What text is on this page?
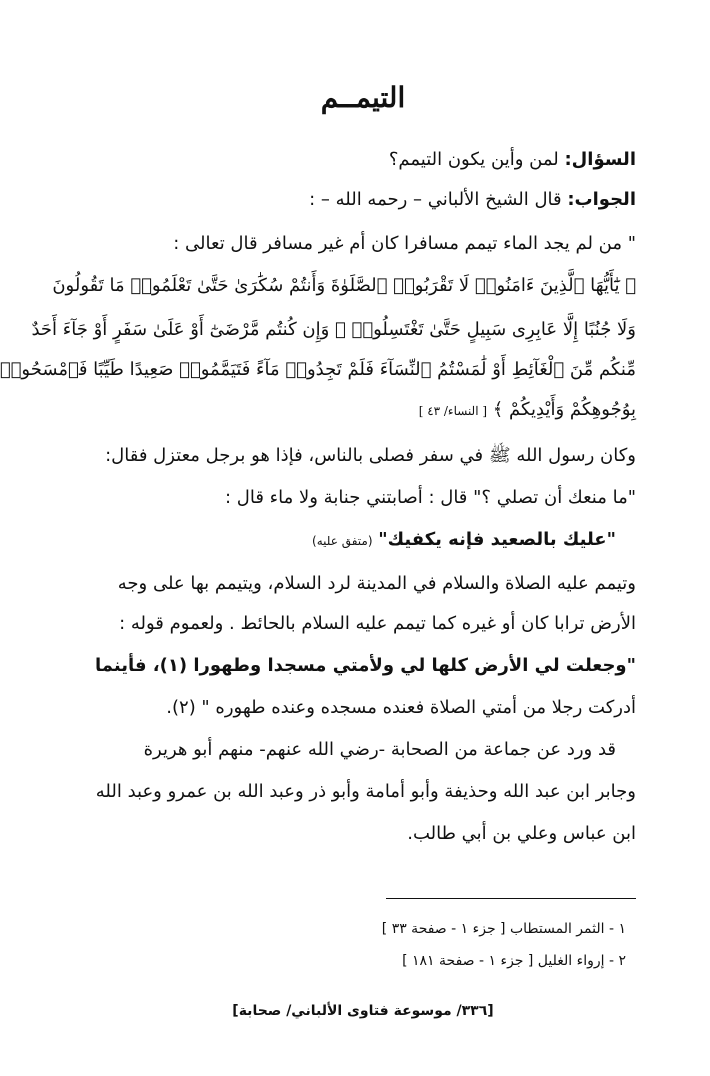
التيمــم
السؤال: لمن وأين يكون التيمم؟
الجواب: قال الشيخ الألباني – رحمه الله – :
" من لم يجد الماء تيمم مسافرا كان أم غير مسافر قال تعالى :
﴿ يَٰٓأَيُّهَا ٱلَّذِينَ ءَامَنُوا۟ لَا تَقْرَبُوا۟ ٱلصَّلَوٰةَ وَأَنتُمْ سُكَٰرَىٰ حَتَّىٰ تَعْلَمُوا۟ مَا تَقُولُونَ
وَلَا جُنُبًا إِلَّا عَابِرِى سَبِيلٍ حَتَّىٰ تَغْتَسِلُوا۟ ۚ وَإِن كُنتُم مَّرْضَىٰٓ أَوْ عَلَىٰ سَفَرٍ أَوْ جَآءَ أَحَدٌ
مِّنكُم مِّنَ ٱلْغَآئِطِ أَوْ لَٰمَسْتُمُ ٱلنِّسَآءَ فَلَمْ تَجِدُوا۟ مَآءً فَتَيَمَّمُوا۟ صَعِيدًا طَيِّبًا فَٱمْسَحُوا۟
بِوُجُوهِكُمْ وَأَيْدِيكُمْ ﴾ [ النساء/ ٤٣ ]
وكان رسول الله ﷺ في سفر فصلى بالناس، فإذا هو برجل معتزل فقال:
"ما منعك أن تصلي ؟" قال : أصابتني جنابة ولا ماء قال :
"عليك بالصعيد فإنه يكفيك" (متفق عليه)
وتيمم عليه الصلاة والسلام في المدينة لرد السلام، ويتيمم بها على وجه
الأرض ترابا كان أو غيره كما تيمم عليه السلام بالحائط . ولعموم قوله :
"وجعلت لي الأرض كلها لي ولأمتي مسجدا وطهورا (١)، فأينما
أدركت رجلا من أمتي الصلاة فعنده مسجده وعنده طهوره " (٢).
قد ورد عن جماعة من الصحابة -رضي الله عنهم- منهم أبو هريرة
وجابر ابن عبد الله وحذيفة وأبو أمامة وأبو ذر وعبد الله بن عمرو وعبد الله
ابن عباس وعلي بن أبي طالب.
١ - الثمر المستطاب [ جزء ١ - صفحة ٣٣ ]
٢ - إرواء الغليل [ جزء ١ - صفحة ١٨١ ]
[٣٣٦/ موسوعة فتاوى الألباني/ صحابة]
